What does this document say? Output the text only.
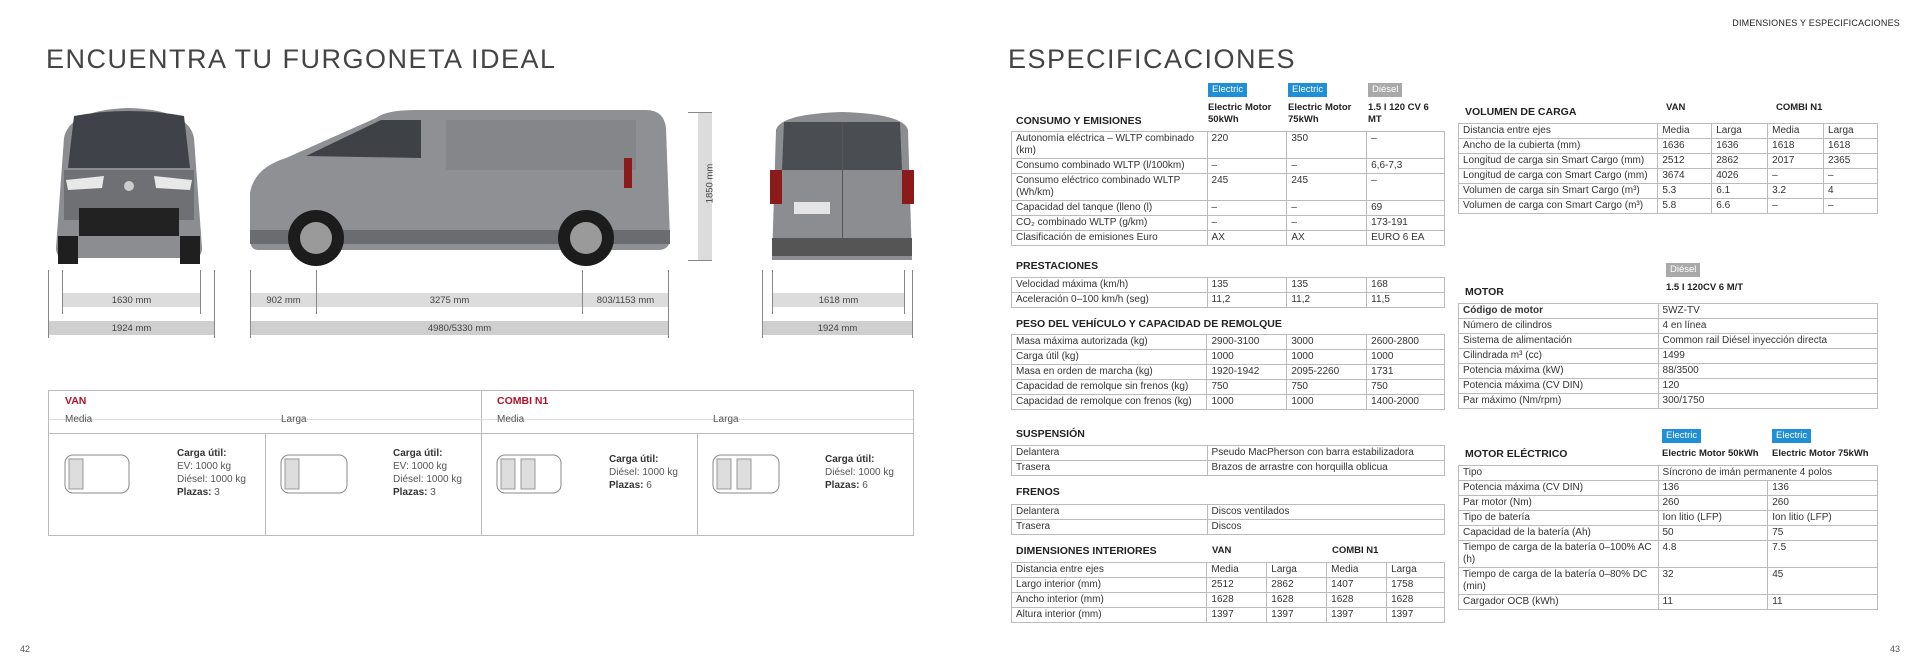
ENCUENTRA TU FURGONETA IDEAL
1630 mm
1924 mm
902 mm	3275 mm	803/1153 mm
4980/5330 mm
1850 mm
1618 mm
1924 mm
VAN	COMBI N1
Media	Larga	Media	Larga
Carga útil:
EV: 1000 kg
Diésel: 1000 kg
Plazas: 3
Carga útil:
EV: 1000 kg
Diésel: 1000 kg
Plazas: 3
Carga útil:
Diésel: 1000 kg
Plazas: 6
Carga útil:
Diésel: 1000 kg
Plazas: 6
42
DIMENSIONES Y ESPECIFICACIONES
ESPECIFICACIONES
Electric	Electric	Diésel
Electric Motor 50kWh
Electric Motor 75kWh
1.5 l 120 CV 6 MT
CONSUMO Y EMISIONES
Autonomía eléctrica – WLTP combinado (km)	220	350	–
Consumo combinado WLTP (l/100km)	–	–	6,6-7,3
Consumo eléctrico combinado WLTP (Wh/km)	245	245	–
Capacidad del tanque (lleno (l)	–	–	69
CO₂ combinado WLTP (g/km)	–	–	173-191
Clasificación de emisiones Euro	AX	AX	EURO 6 EA
PRESTACIONES
Velocidad máxima (km/h)	135	135	168
Aceleración 0–100 km/h (seg)	11,2	11,2	11,5
PESO DEL VEHÍCULO Y CAPACIDAD DE REMOLQUE
Masa máxima autorizada (kg)	2900-3100	3000	2600-2800
Carga útil (kg)	1000	1000	1000
Masa en orden de marcha (kg)	1920-1942	2095-2260	1731
Capacidad de remolque sin frenos (kg)	750	750	750
Capacidad de remolque con frenos (kg)	1000	1000	1400-2000
SUSPENSIÓN
Delantera	Pseudo MacPherson con barra estabilizadora
Trasera	Brazos de arrastre con horquilla oblicua
FRENOS
Delantera	Discos ventilados
Trasera	Discos
DIMENSIONES INTERIORES	VAN	COMBI N1
Distancia entre ejes	Media	Larga	Media	Larga
Largo interior (mm)	2512	2862	1407	1758
Ancho interior (mm)	1628	1628	1628	1628
Altura interior (mm)	1397	1397	1397	1397
VOLUMEN DE CARGA	VAN	COMBI N1
Distancia entre ejes	Media	Larga	Media	Larga
Ancho de la cubierta (mm)	1636	1636	1618	1618
Longitud de carga sin Smart Cargo (mm)	2512	2862	2017	2365
Longitud de carga con Smart Cargo (mm)	3674	4026	–	–
Volumen de carga sin Smart Cargo (m³)	5.3	6.1	3.2	4
Volumen de carga con Smart Cargo (m³)	5.8	6.6	–	–
Diésel
1.5 l 120CV 6 M/T
MOTOR
Código de motor	5WZ-TV
Número de cilindros	4 en línea
Sistema de alimentación	Common rail Diésel inyección directa
Cilindrada m³ (cc)	1499
Potencia máxima (kW)	88/3500
Potencia máxima (CV DIN)	120
Par máximo (Nm/rpm)	300/1750
Electric	Electric
Electric Motor 50kWh Electric Motor 75kWh
MOTOR ELÉCTRICO
Tipo	Síncrono de imán permanente 4 polos	
Potencia máxima (CV DIN)	136	136
Par motor (Nm)	260	260
Tipo de batería	Ion litio (LFP)	Ion litio (LFP)
Capacidad de la batería (Ah)	50	75
Tiempo de carga de la batería 0–100% AC (h)	4.8	7.5
Tiempo de carga de la batería 0–80% DC (min)	32	45
Cargador OCB (kWh)	11	11
43
